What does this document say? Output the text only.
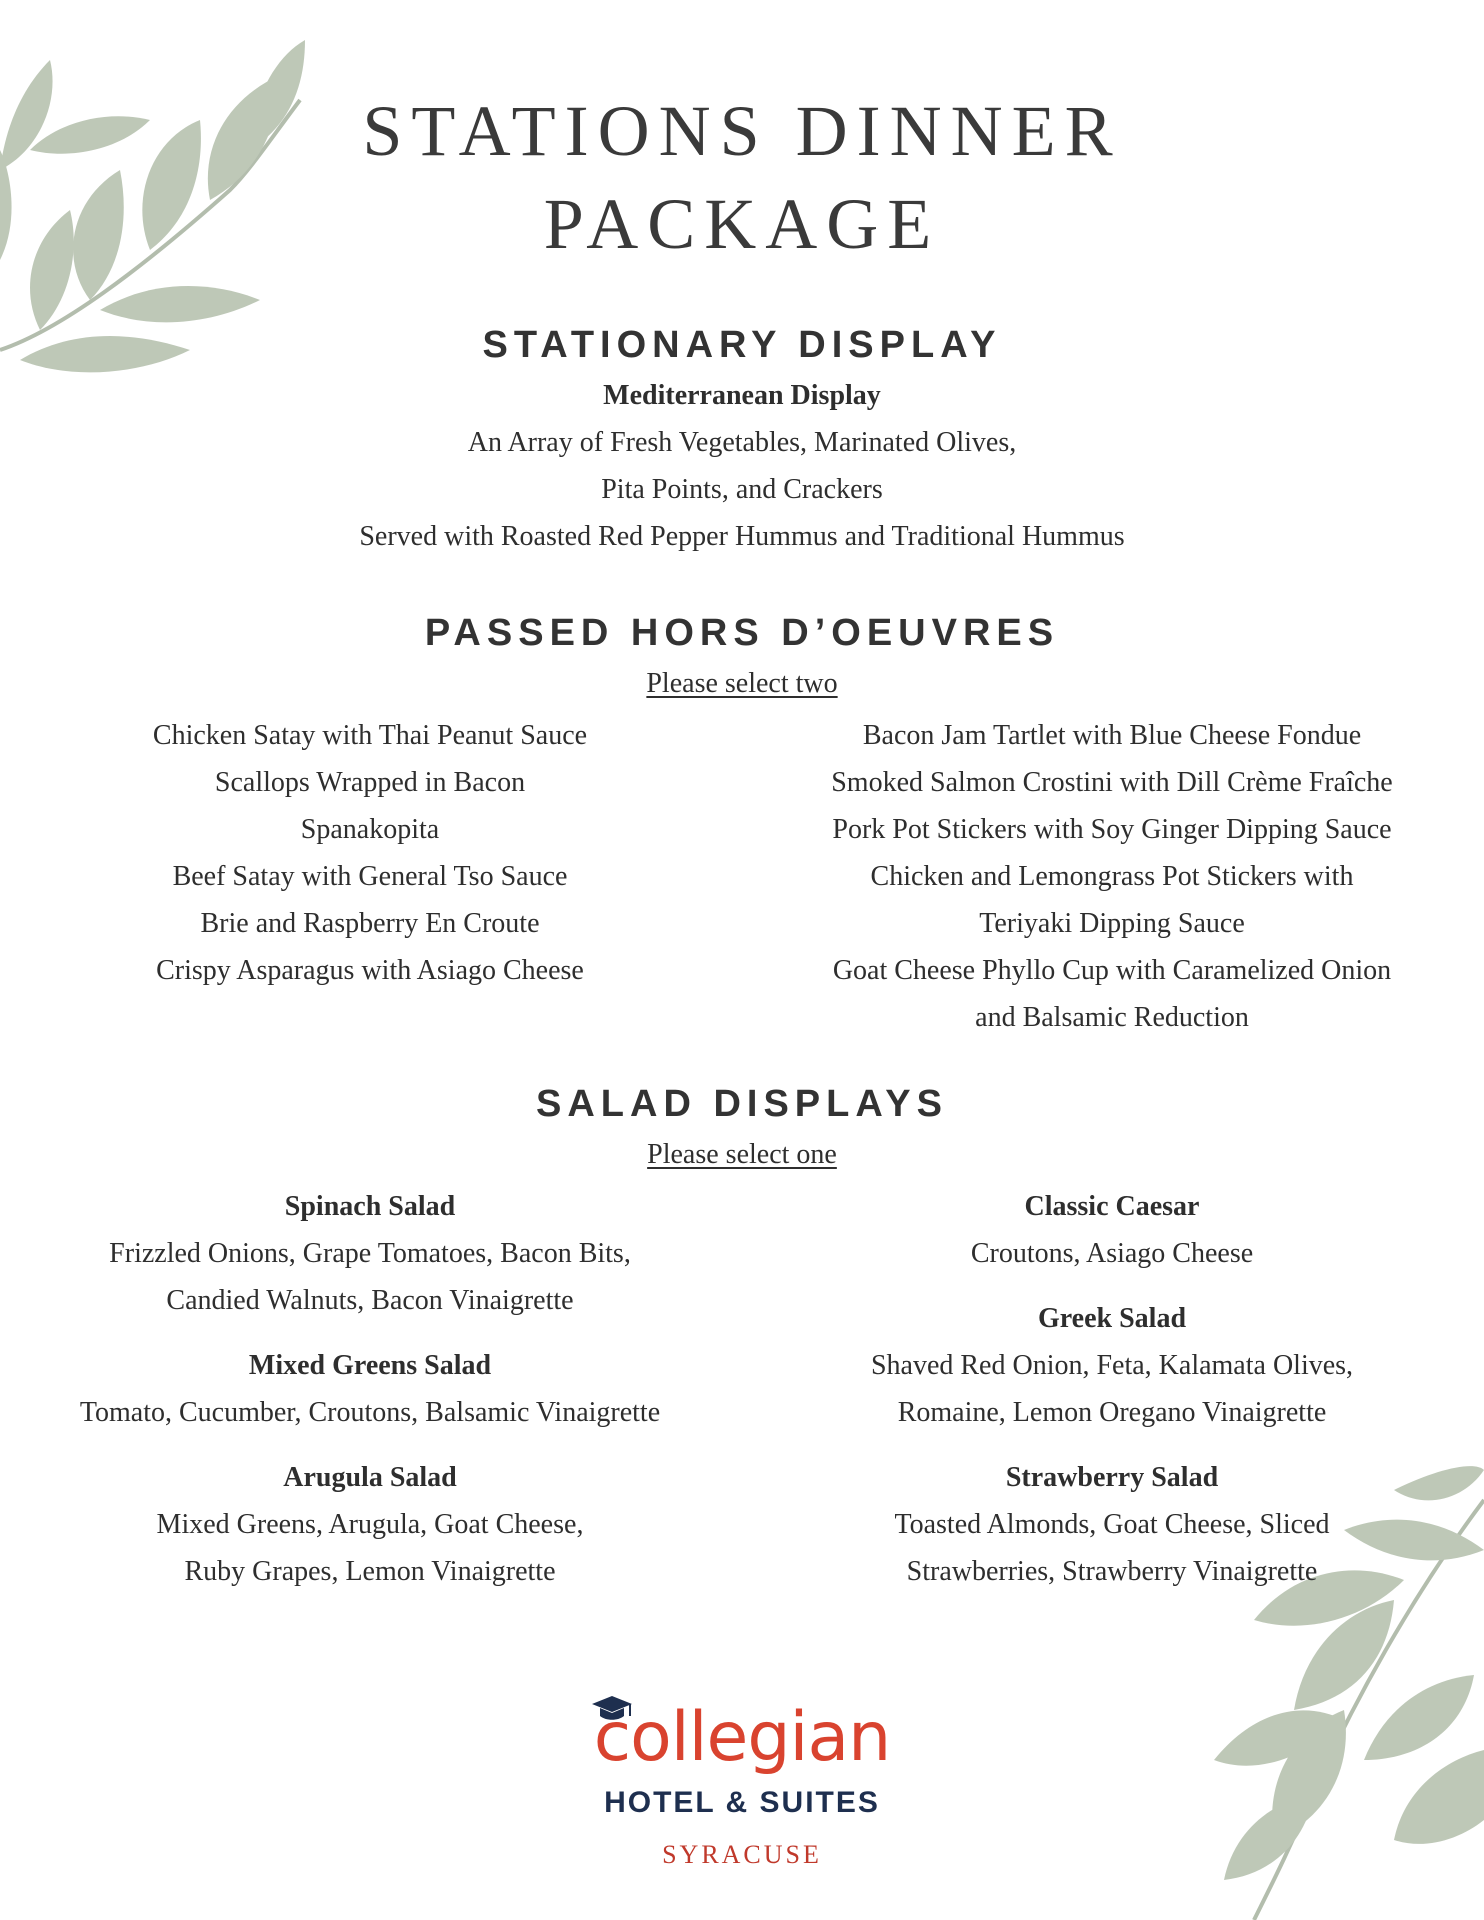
STATIONS DINNER
PACKAGE
STATIONARY DISPLAY
Mediterranean Display
An Array of Fresh Vegetables, Marinated Olives,
Pita Points, and Crackers
Served with Roasted Red Pepper Hummus and Traditional Hummus
PASSED HORS D’OEUVRES
Please select two
Chicken Satay with Thai Peanut Sauce
Scallops Wrapped in Bacon
Spanakopita
Beef Satay with General Tso Sauce
Brie and Raspberry En Croute
Crispy Asparagus with Asiago Cheese
Bacon Jam Tartlet with Blue Cheese Fondue
Smoked Salmon Crostini with Dill Crème Fraîche
Pork Pot Stickers with Soy Ginger Dipping Sauce
Chicken and Lemongrass Pot Stickers with
Teriyaki Dipping Sauce
Goat Cheese Phyllo Cup with Caramelized Onion
and Balsamic Reduction
SALAD DISPLAYS
Please select one
Spinach Salad
Frizzled Onions, Grape Tomatoes, Bacon Bits,
Candied Walnuts, Bacon Vinaigrette
Mixed Greens Salad
Tomato, Cucumber, Croutons, Balsamic Vinaigrette
Arugula Salad
Mixed Greens, Arugula, Goat Cheese,
Ruby Grapes, Lemon Vinaigrette
Classic Caesar
Croutons, Asiago Cheese
Greek Salad
Shaved Red Onion, Feta, Kalamata Olives,
Romaine, Lemon Oregano Vinaigrette
Strawberry Salad
Toasted Almonds, Goat Cheese, Sliced
Strawberries, Strawberry Vinaigrette
collegian
HOTEL & SUITES
SYRACUSE
